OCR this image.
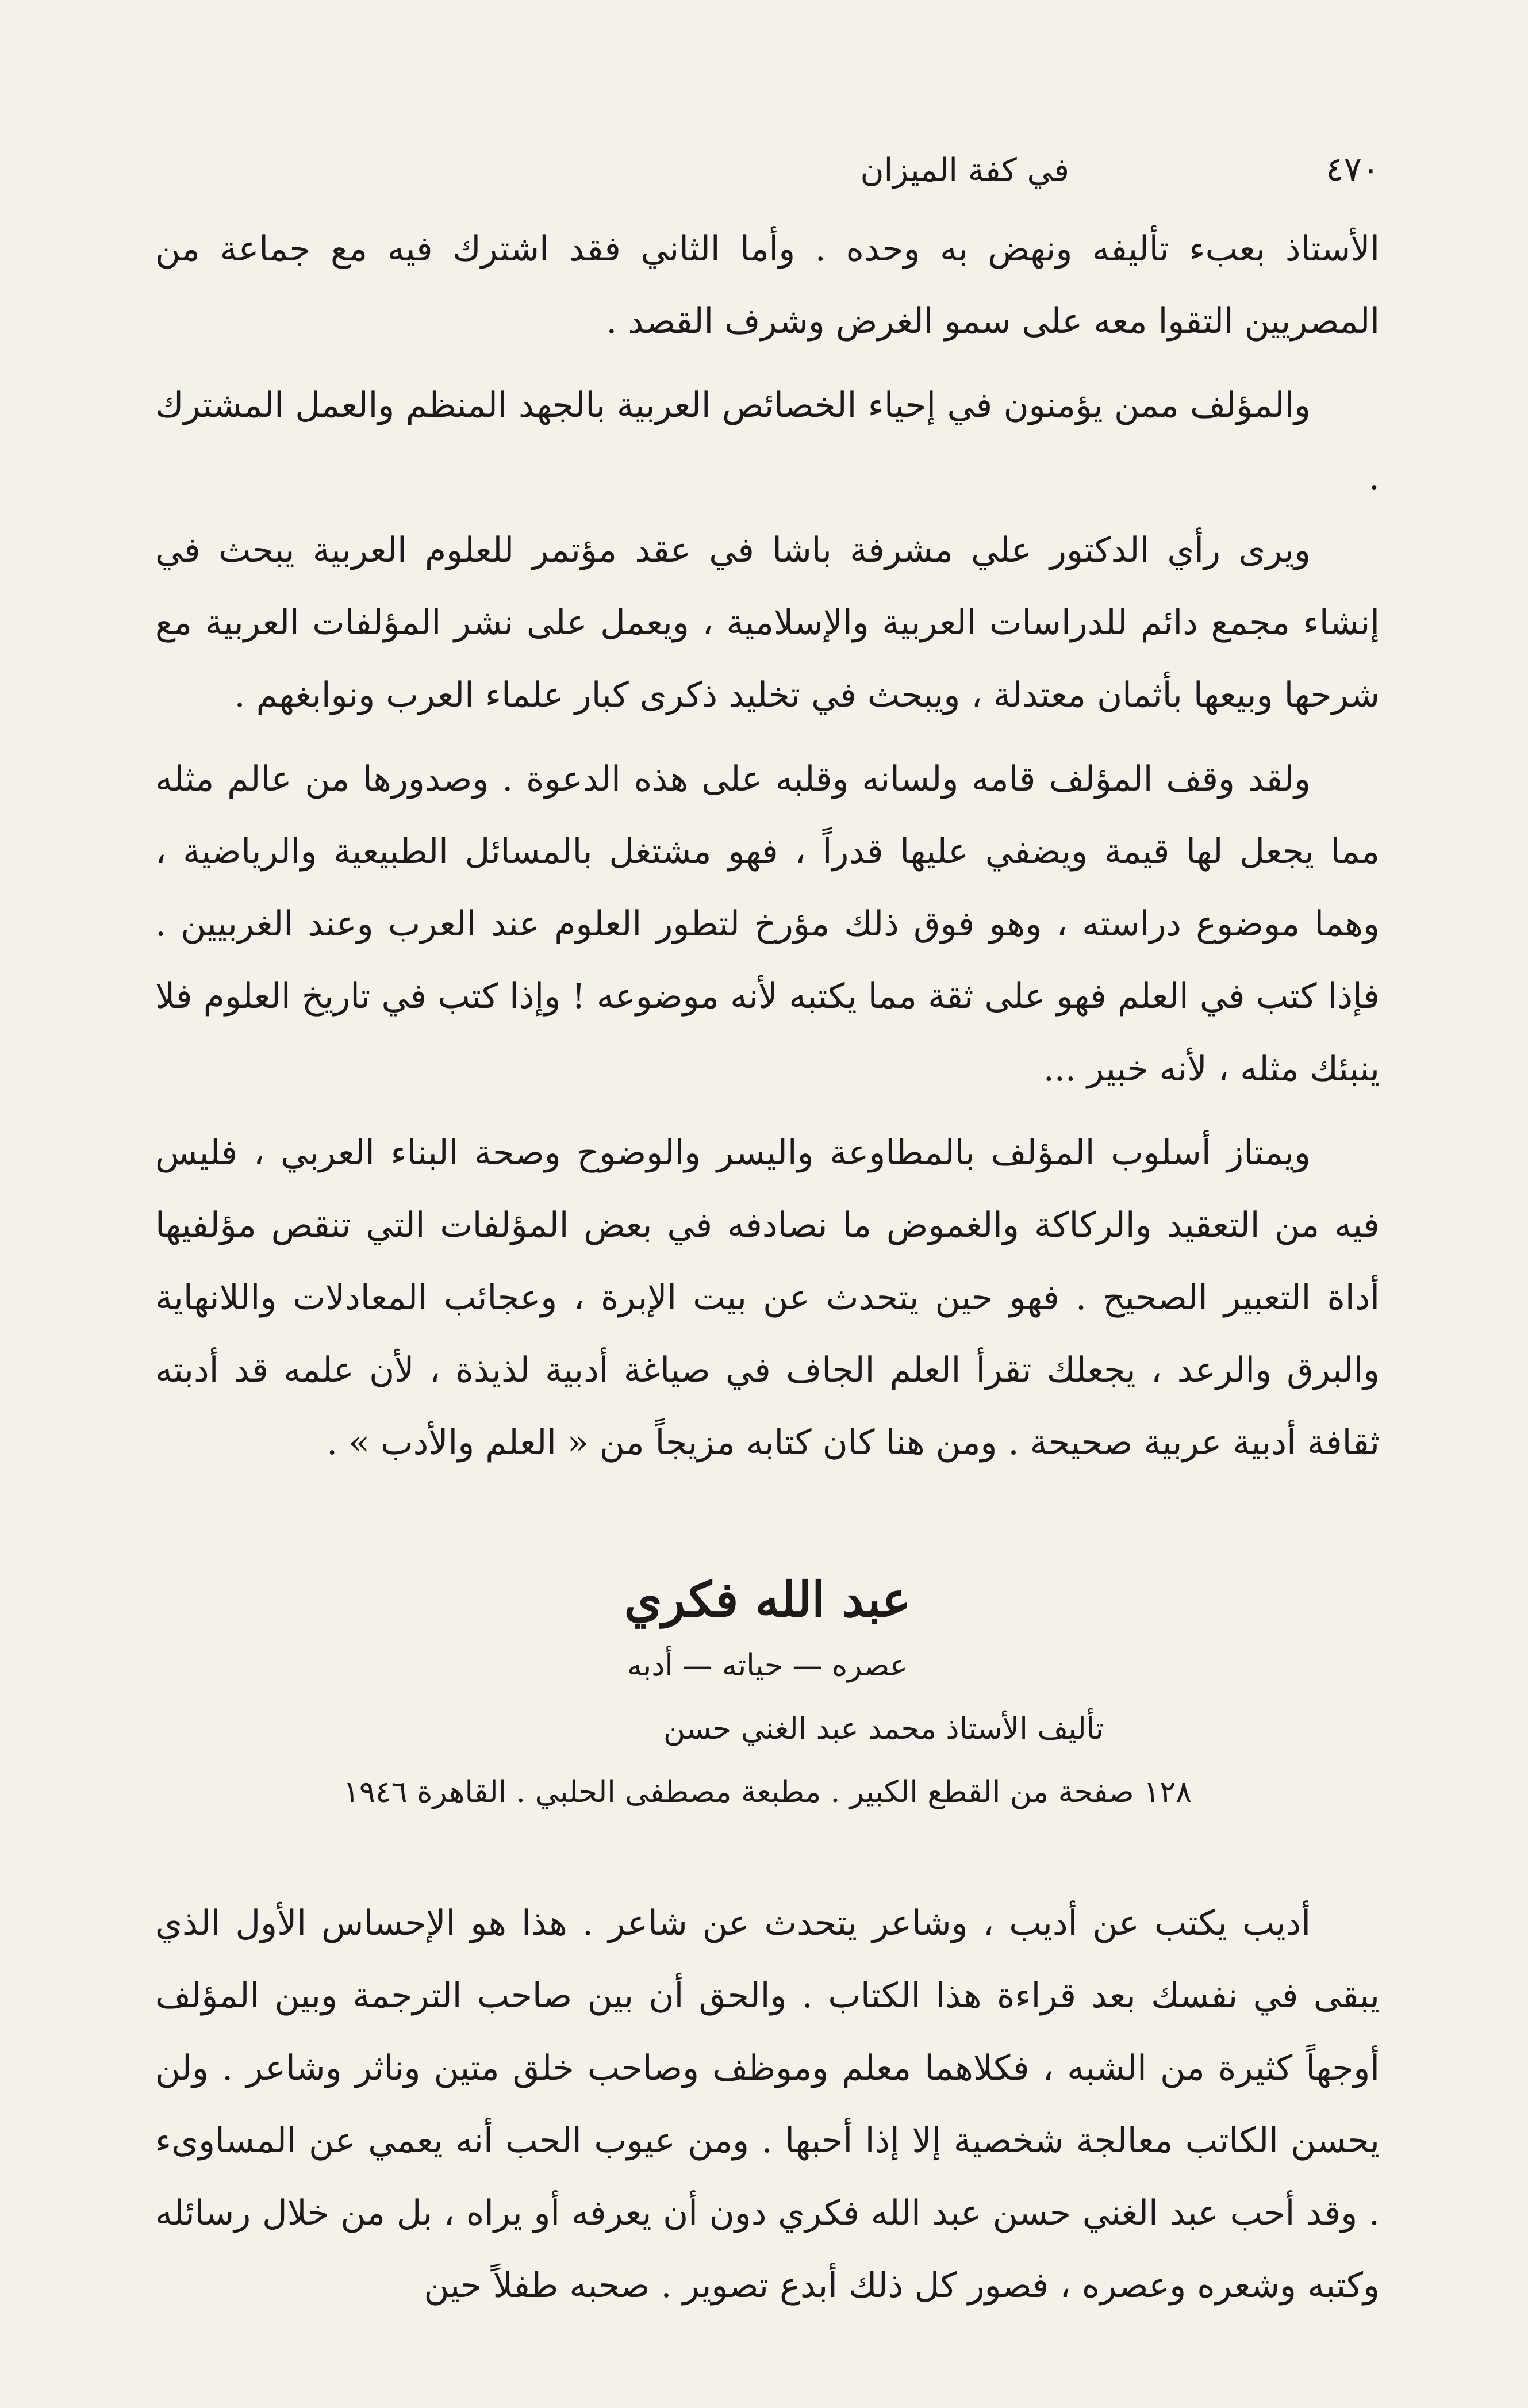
٤٧٠
في كفة الميزان

الأستاذ بعبء تأليفه ونهض به وحده . وأما الثاني فقد اشترك فيه مع جماعة من المصريين التقوا معه على سمو الغرض وشرف القصد .

والمؤلف ممن يؤمنون في إحياء الخصائص العربية بالجهد المنظم والعمل المشترك .

ويرى رأي الدكتور علي مشرفة باشا في عقد مؤتمر للعلوم العربية يبحث في إنشاء مجمع دائم للدراسات العربية والإسلامية ، ويعمل على نشر المؤلفات العربية مع شرحها وبيعها بأثمان معتدلة ، ويبحث في تخليد ذكرى كبار علماء العرب ونوابغهم .

ولقد وقف المؤلف قامه ولسانه وقلبه على هذه الدعوة . وصدورها من عالم مثله مما يجعل لها قيمة ويضفي عليها قدراً ، فهو مشتغل بالمسائل الطبيعية والرياضية ، وهما موضوع دراسته ، وهو فوق ذلك مؤرخ لتطور العلوم عند العرب وعند الغربيين . فإذا كتب في العلم فهو على ثقة مما يكتبه لأنه موضوعه ! وإذا كتب في تاريخ العلوم فلا ينبئك مثله ، لأنه خبير ...

ويمتاز أسلوب المؤلف بالمطاوعة واليسر والوضوح وصحة البناء العربي ، فليس فيه من التعقيد والركاكة والغموض ما نصادفه في بعض المؤلفات التي تنقص مؤلفيها أداة التعبير الصحيح . فهو حين يتحدث عن بيت الإبرة ، وعجائب المعادلات واللانهاية والبرق والرعد ، يجعلك تقرأ العلم الجاف في صياغة أدبية لذيذة ، لأن علمه قد أدبته ثقافة أدبية عربية صحيحة . ومن هنا كان كتابه مزيجاً من « العلم والأدب » .

عبد الله فكري

عصره — حياته — أدبه

تأليف الأستاذ محمد عبد الغني حسن

١٢٨ صفحة من القطع الكبير . مطبعة مصطفى الحلبي . القاهرة ١٩٤٦

أديب يكتب عن أديب ، وشاعر يتحدث عن شاعر . هذا هو الإحساس الأول الذي يبقى في نفسك بعد قراءة هذا الكتاب . والحق أن بين صاحب الترجمة وبين المؤلف أوجهاً كثيرة من الشبه ، فكلاهما معلم وموظف وصاحب خلق متين وناثر وشاعر . ولن يحسن الكاتب معالجة شخصية إلا إذا أحبها . ومن عيوب الحب أنه يعمي عن المساوىء . وقد أحب عبد الغني حسن عبد الله فكري دون أن يعرفه أو يراه ، بل من خلال رسائله وكتبه وشعره وعصره ، فصور كل ذلك أبدع تصوير . صحبه طفلاً حين
